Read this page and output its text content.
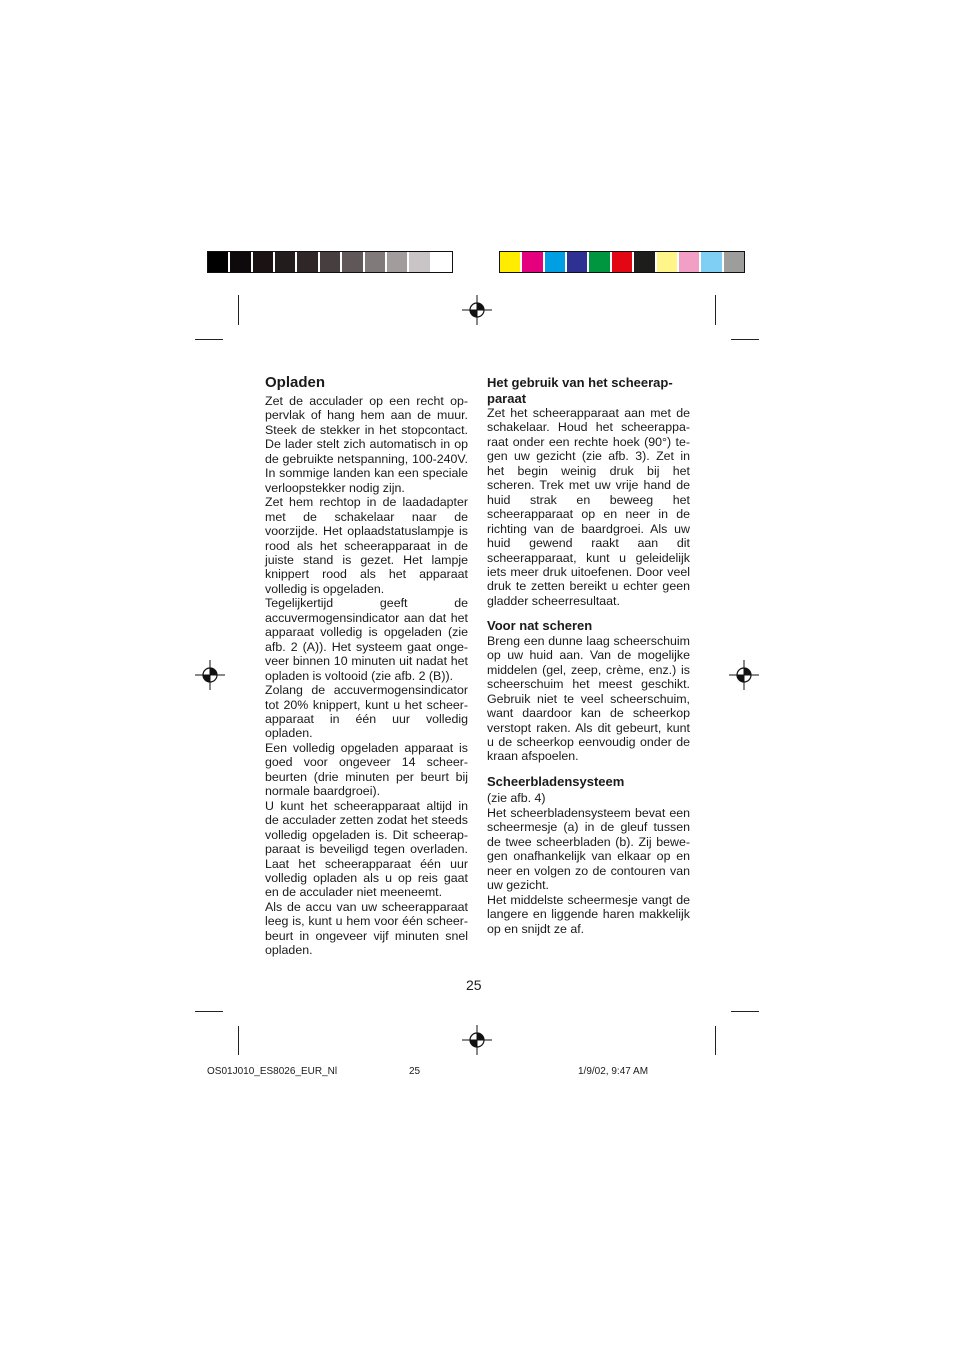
Opladen

Zet de acculader op een recht op-pervlak of hang hem aan de muur. Steek de stekker in het stopcontact. De lader stelt zich automatisch in op de gebruikte netspanning, 100-240V. In sommige landen kan een speciale verloopstekker nodig zijn.

Zet hem rechtop in de laadadapter met de schakelaar naar de voorzijde. Het oplaadstatuslampje is rood als het scheerapparaat in de juiste stand is gezet. Het lampje knippert rood als het apparaat volledig is opgeladen.

Tegelijkertijd geeft de accuvermogensindicator aan dat het apparaat volledig is opgeladen (zie afb. 2 (A)). Het systeem gaat onge-veer binnen 10 minuten uit nadat het opladen is voltooid (zie afb. 2 (B)).

Zolang de accuvermogensindicator tot 20% knippert, kunt u het scheer-apparaat in één uur volledig opladen.

Een volledig opgeladen apparaat is goed voor ongeveer 14 scheer-beurten (drie minuten per beurt bij normale baardgroei).

U kunt het scheerapparaat altijd in de acculader zetten zodat het steeds volledig opgeladen is. Dit scheerap-paraat is beveiligd tegen overladen. Laat het scheerapparaat één uur volledig opladen als u op reis gaat en de acculader niet meeneemt.

Als de accu van uw scheerapparaat leeg is, kunt u hem voor één scheer-beurt in ongeveer vijf minuten snel opladen.

Het gebruik van het scheerap-paraat

Zet het scheerapparaat aan met de schakelaar. Houd het scheerappa-raat onder een rechte hoek (90°) te-gen uw gezicht (zie afb. 3). Zet in het begin weinig druk bij het scheren. Trek met uw vrije hand de huid strak en beweeg het scheerapparaat op en neer in de richting van de baardgroei. Als uw huid gewend raakt aan dit scheerapparaat, kunt u geleidelijk iets meer druk uitoefenen. Door veel druk te zetten bereikt u echter geen gladder scheerresultaat.

Voor nat scheren

Breng een dunne laag scheerschuim op uw huid aan. Van de mogelijke middelen (gel, zeep, crème, enz.) is scheerschuim het meest geschikt. Gebruik niet te veel scheerschuim, want daardoor kan de scheerkop verstopt raken. Als dit gebeurt, kunt u de scheerkop eenvoudig onder de kraan afspoelen.

Scheerbladensysteem

(zie afb. 4)

Het scheerbladensysteem bevat een scheermesje (a) in de gleuf tussen de twee scheerbladen (b). Zij bewe-gen onafhankelijk van elkaar op en neer en volgen zo de contouren van uw gezicht.

Het middelste scheermesje vangt de langere en liggende haren makkelijk op en snijdt ze af.

25
OS01J010_ES8026_EUR_Nl	25	1/9/02, 9:47 AM
